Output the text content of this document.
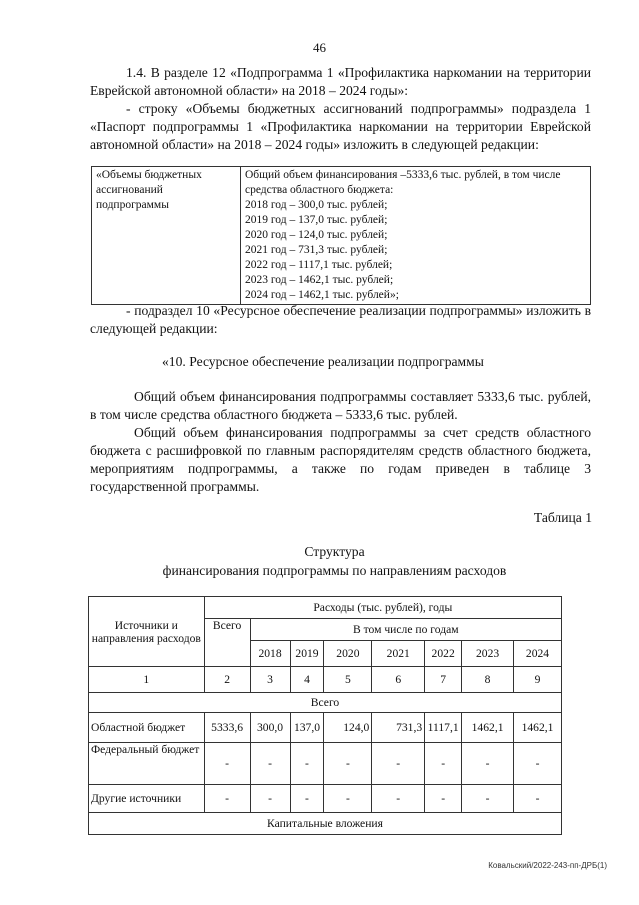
46
1.4. В разделе 12 «Подпрограмма 1 «Профилактика наркомании на территории Еврейской автономной области» на 2018 – 2024 годы»:
- строку «Объемы бюджетных ассигнований подпрограммы» подраздела 1 «Паспорт подпрограммы 1 «Профилактика наркомании на территории Еврейской автономной области» на 2018 – 2024 годы» изложить в следующей редакции:
«Объемы бюджетных ассигнований подпрограммы	
Общий объем финансирования –5333,6 тыс. рублей, в том числе средства областного бюджета:
2018 год – 300,0 тыс. рублей;
2019 год – 137,0 тыс. рублей;
2020 год – 124,0 тыс. рублей;
2021 год – 731,3 тыс. рублей;
2022 год – 1117,1 тыс. рублей;
2023 год – 1462,1 тыс. рублей;
2024 год – 1462,1 тыс. рублей»;
- подраздел 10 «Ресурсное обеспечение реализации подпрограммы» изложить в следующей редакции:
«10. Ресурсное обеспечение реализации подпрограммы
Общий объем финансирования подпрограммы составляет 5333,6 тыс. рублей, в том числе средства областного бюджета – 5333,6 тыс. рублей.
Общий объем финансирования подпрограммы за счет средств областного бюджета с расшифровкой по главным распорядителям средств областного бюджета, мероприятиям подпрограммы, а также по годам приведен в таблице 3 государственной программы.
Таблица 1
Структура
финансирования подпрограммы по направлениям расходов
Источники и направления расходов	Расходы (тыс. рублей), годы							
	Всего	В том числе по годам						
		2018	2019	2020	2021	2022	2023	2024
1	2	3	4	5	6	7	8	9
Всего								
Областной бюджет	5333,6	300,0	137,0	124,0	731,3	1117,1	1462,1	1462,1
Федеральный бюджет	-	-	-	-	-	-	-	-
Другие источники	-	-	-	-	-	-	-	-
Капитальные вложения								
Ковальский/2022-243-пп-ДРБ(1)
